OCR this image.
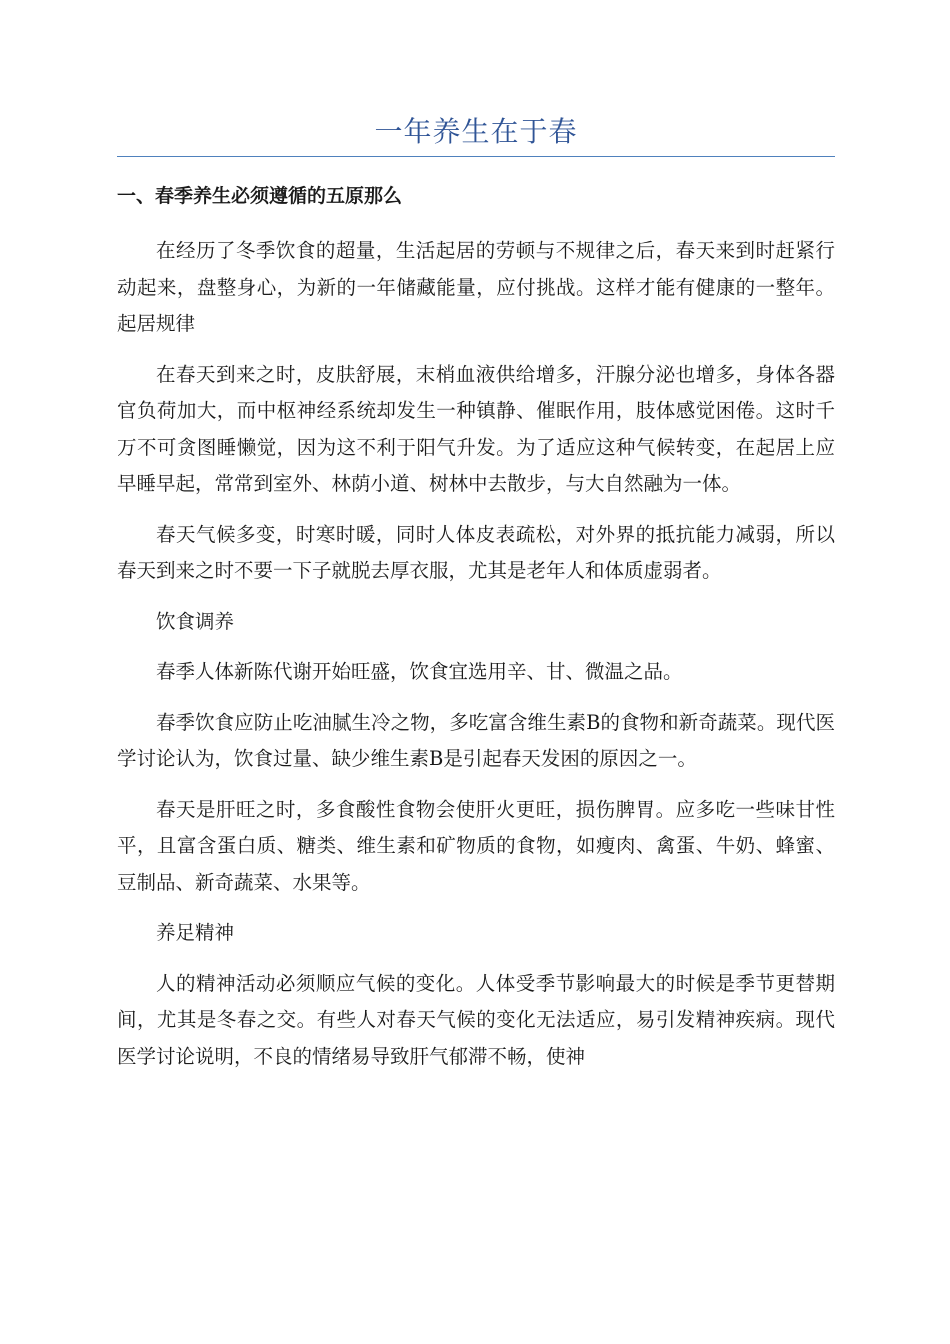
一年养生在于春
一、春季养生必须遵循的五原那么

在经历了冬季饮食的超量，生活起居的劳顿与不规律之后，春天来到时赶紧行动起来，盘整身心，为新的一年储藏能量，应付挑战。这样才能有健康的一整年。起居规律

在春天到来之时，皮肤舒展，末梢血液供给增多，汗腺分泌也增多，身体各器官负荷加大，而中枢神经系统却发生一种镇静、催眠作用，肢体感觉困倦。这时千万不可贪图睡懒觉，因为这不利于阳气升发。为了适应这种气候转变，在起居上应早睡早起，常常到室外、林荫小道、树林中去散步，与大自然融为一体。

春天气候多变，时寒时暖，同时人体皮表疏松，对外界的抵抗能力减弱，所以春天到来之时不要一下子就脱去厚衣服，尤其是老年人和体质虚弱者。

饮食调养

春季人体新陈代谢开始旺盛，饮食宜选用辛、甘、微温之品。

春季饮食应防止吃油腻生冷之物，多吃富含维生素B的食物和新奇蔬菜。现代医学讨论认为，饮食过量、缺少维生素B是引起春天发困的原因之一。

春天是肝旺之时，多食酸性食物会使肝火更旺，损伤脾胃。应多吃一些味甘性平，且富含蛋白质、糖类、维生素和矿物质的食物，如瘦肉、禽蛋、牛奶、蜂蜜、豆制品、新奇蔬菜、水果等。

养足精神

人的精神活动必须顺应气候的变化。人体受季节影响最大的时候是季节更替期间，尤其是冬春之交。有些人对春天气候的变化无法适应，易引发精神疾病。现代医学讨论说明，不良的情绪易导致肝气郁滞不畅，使神
